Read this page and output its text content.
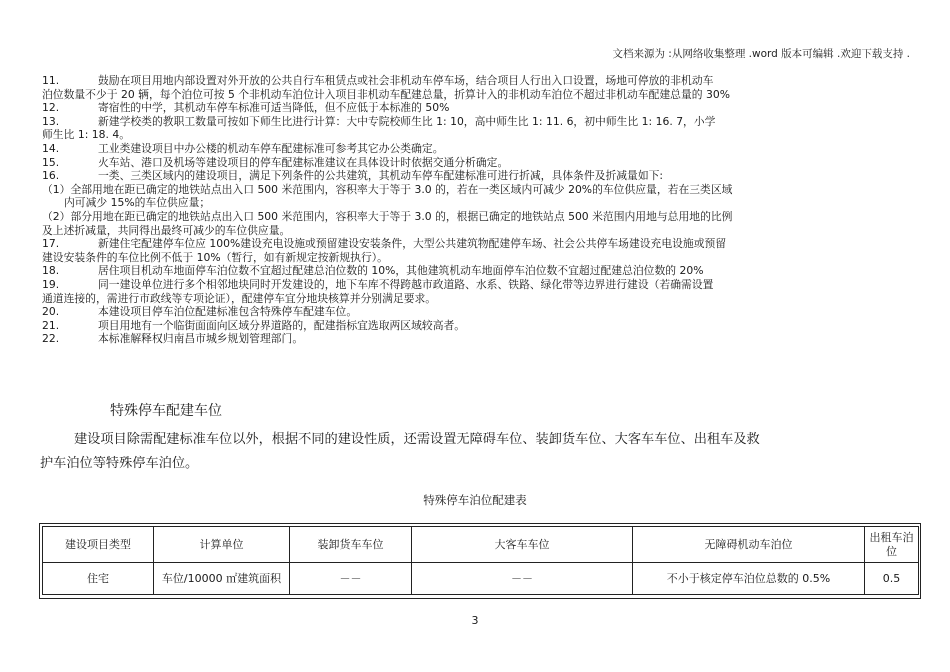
文档来源为 :从网络收集整理 .word 版本可编辑 .欢迎下载支持 .
11.	鼓励在项目用地内部设置对外开放的公共自行车租赁点或社会非机动车停车场，结合项目人行出入口设置，场地可停放的非机动车
泊位数量不少于 20 辆，每个泊位可按 5 个非机动车泊位计入项目非机动车配建总量，折算计入的非机动车泊位不超过非机动车配建总量的 30%
12.	寄宿性的中学，其机动车停车标准可适当降低，但不应低于本标准的 50%
13.	新建学校类的教职工数量可按如下师生比进行计算：大中专院校师生比 1: 10，高中师生比 1: 11. 6，初中师生比 1: 16. 7，小学
师生比 1: 18. 4。
14.	工业类建设项目中办公楼的机动车停车配建标准可参考其它办公类确定。
15.	火车站、港口及机场等建设项目的停车配建标准建议在具体设计时依据交通分析确定。
16.	一类、三类区域内的建设项目，满足下列条件的公共建筑，其机动车停车配建标准可进行折减，具体条件及折减量如下:
（1）全部用地在距已确定的地铁站点出入口 500 米范围内，容积率大于等于 3.0 的，若在一类区域内可减少 20%的车位供应量，若在三类区域
内可减少 15%的车位供应量；
（2）部分用地在距已确定的地铁站点出入口 500 米范围内，容积率大于等于 3.0 的，根据已确定的地铁站点 500 米范围内用地与总用地的比例
及上述折减量，共同得出最终可减少的车位供应量。
17.	新建住宅配建停车位应 100%建设充电设施或预留建设安装条件，大型公共建筑物配建停车场、社会公共停车场建设充电设施或预留
建设安装条件的车位比例不低于 10%（暂行，如有新规定按新规执行）。
18.	居住项目机动车地面停车泊位数不宜超过配建总泊位数的 10%，其他建筑机动车地面停车泊位数不宜超过配建总泊位数的 20%
19.	同一建设单位进行多个相邻地块同时开发建设的，地下车库不得跨越市政道路、水系、铁路、绿化带等边界进行建设（若确需设置
通道连接的，需进行市政线等专项论证），配建停车宜分地块核算并分别满足要求。
20.	本建设项目停车泊位配建标准包含特殊停车配建车位。
21.	项目用地有一个临街面面向区域分界道路的，配建指标宜选取两区域较高者。
22.	本标准解释权归南昌市城乡规划管理部门。
特殊停车配建车位
建设项目除需配建标准车位以外，根据不同的建设性质，还需设置无障碍车位、装卸货车位、大客车车位、出租车及救
护车泊位等特殊停车泊位。
特殊停车泊位配建表
建设项目类型	计算单位	装卸货车车位	大客车车位	无障碍机动车泊位	出租车泊位
住宅	车位/10000 ㎡建筑面积	－－	－－	不小于核定停车泊位总数的 0.5%	0.5
3
